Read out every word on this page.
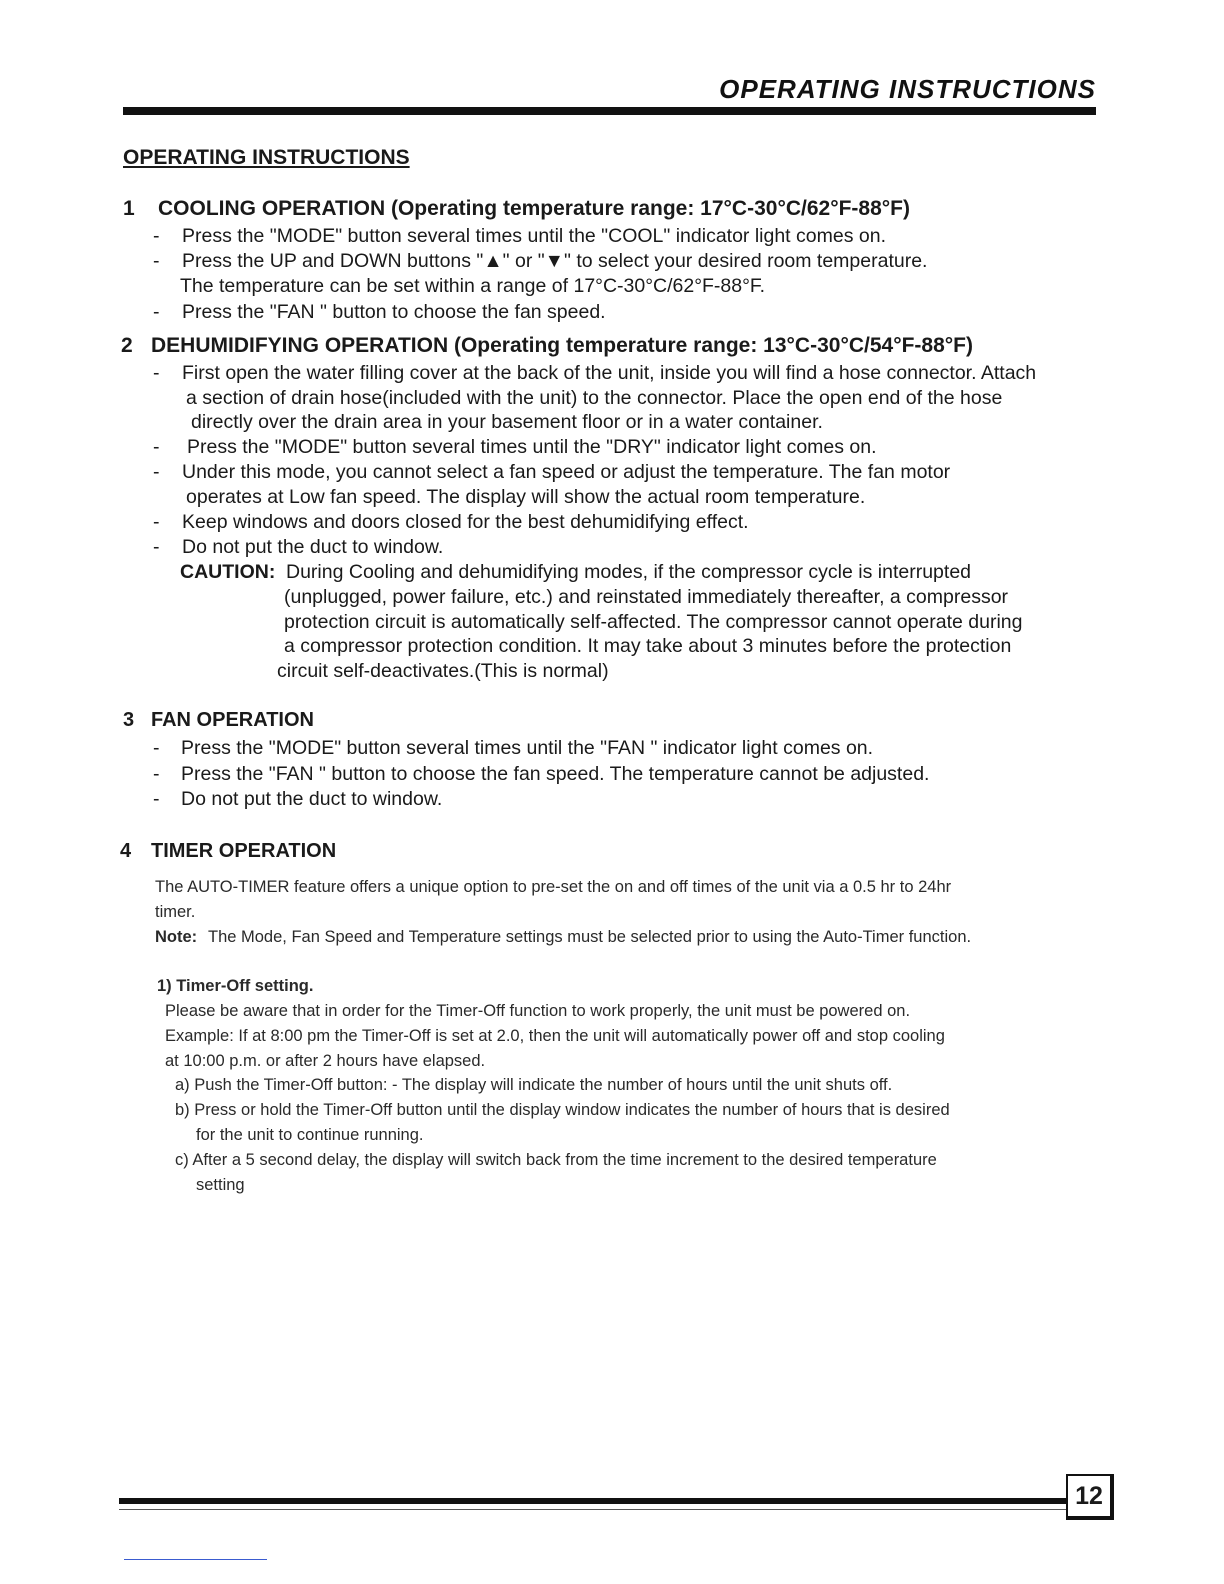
OPERATING INSTRUCTIONS
OPERATING INSTRUCTIONS
1 COOLING OPERATION (Operating temperature range: 17°C-30°C/62°F-88°F)
- Press the "MODE" button several times until the "COOL" indicator light comes on.
- Press the UP and DOWN buttons "▲" or "▼" to select your desired room temperature.
The temperature can be set within a range of 17°C-30°C/62°F-88°F.
- Press the "FAN " button to choose the fan speed.
2 DEHUMIDIFYING OPERATION (Operating temperature range: 13°C-30°C/54°F-88°F)
- First open the water filling cover at the back of the unit, inside you will find a hose connector. Attach
a section of drain hose(included with the unit) to the connector. Place the open end of the hose
directly over the drain area in your basement floor or in a water container.
- Press the "MODE" button several times until the "DRY" indicator light comes on.
- Under this mode, you cannot select a fan speed or adjust the temperature. The fan motor
operates at Low fan speed. The display will show the actual room temperature.
- Keep windows and doors closed for the best dehumidifying effect.
- Do not put the duct to window.
CAUTION: During Cooling and dehumidifying modes, if the compressor cycle is interrupted
(unplugged, power failure, etc.) and reinstated immediately thereafter, a compressor
protection circuit is automatically self-affected. The compressor cannot operate during
a compressor protection condition. It may take about 3 minutes before the protection
circuit self-deactivates.(This is normal)
3 FAN OPERATION
- Press the "MODE" button several times until the "FAN " indicator light comes on.
- Press the "FAN " button to choose the fan speed. The temperature cannot be adjusted.
- Do not put the duct to window.
4 TIMER OPERATION
The AUTO-TIMER feature offers a unique option to pre-set the on and off times of the unit via a 0.5 hr to 24hr
timer.
Note: The Mode, Fan Speed and Temperature settings must be selected prior to using the Auto-Timer function.
1) Timer-Off setting.
Please be aware that in order for the Timer-Off function to work properly, the unit must be powered on.
Example: If at 8:00 pm the Timer-Off is set at 2.0, then the unit will automatically power off and stop cooling
at 10:00 p.m. or after 2 hours have elapsed.
a) Push the Timer-Off button: - The display will indicate the number of hours until the unit shuts off.
b) Press or hold the Timer-Off button until the display window indicates the number of hours that is desired
for the unit to continue running.
c) After a 5 second delay, the display will switch back from the time increment to the desired temperature
setting
12
